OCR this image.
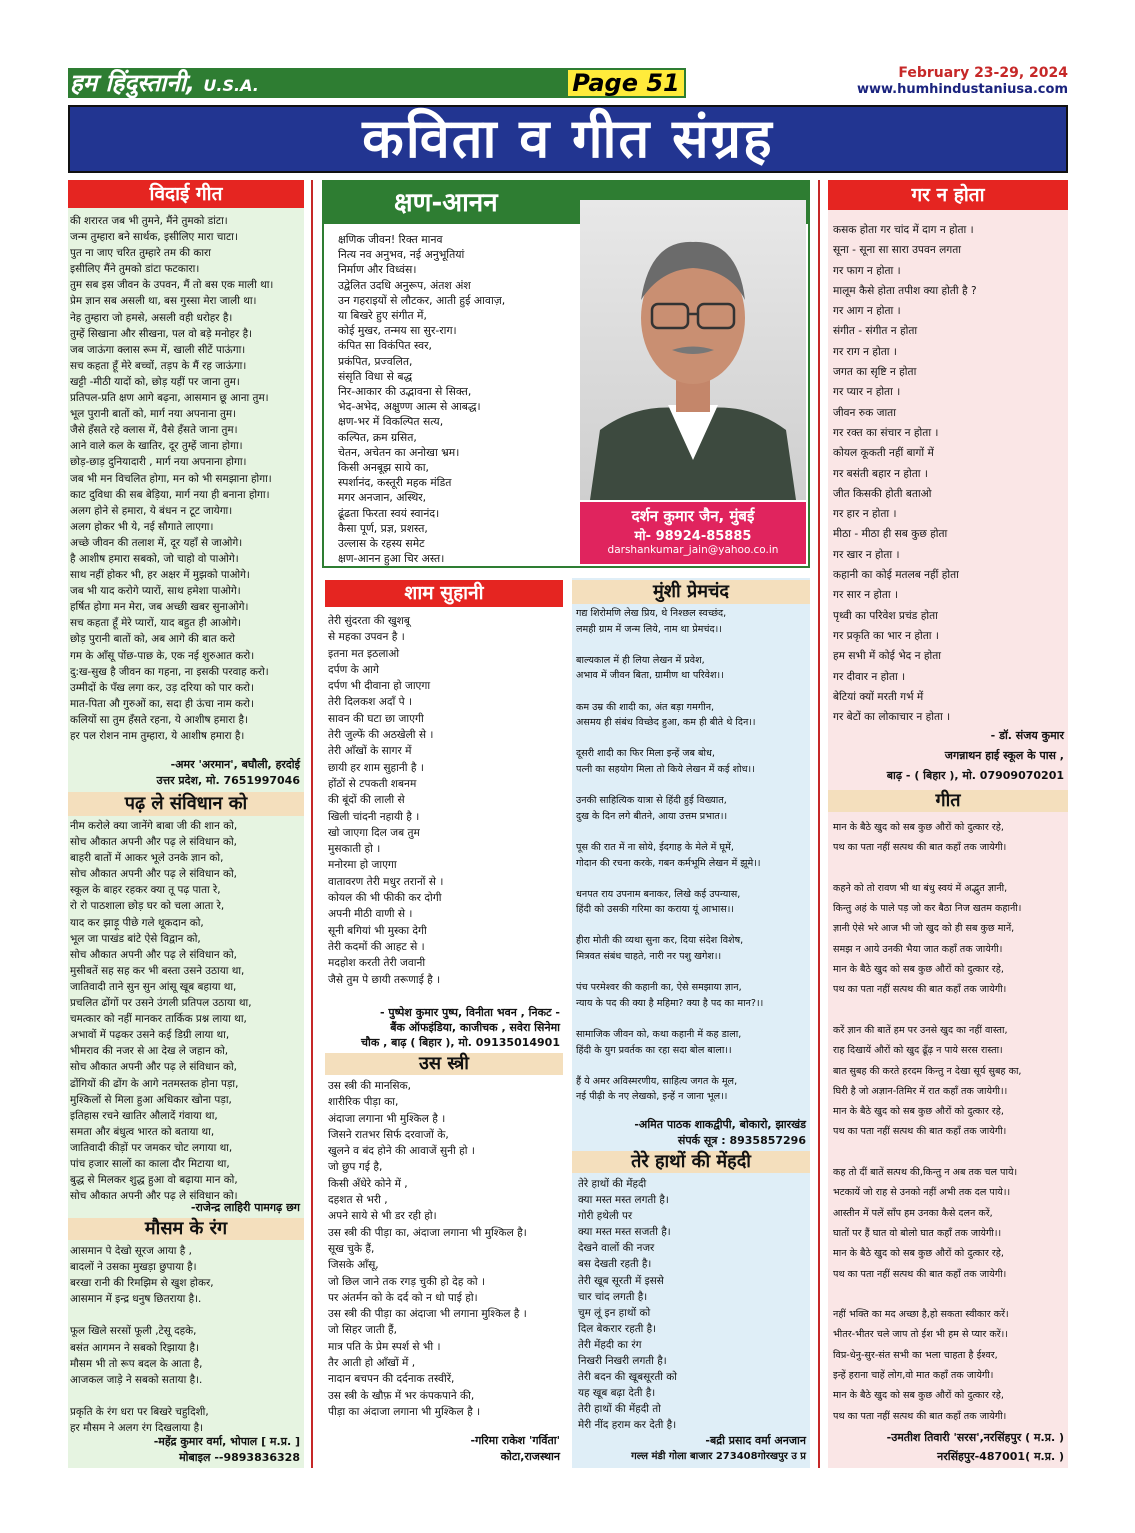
हम हिंदुस्तानी, U.S.A.	Page 51	February 23-29, 2024
www.humhindustaniusa.com
कविता व गीत संग्रह
विदाई गीत
की शरारत जब भी तुमने, मैंने तुमको डांटा।
जन्म तुम्हारा बने सार्थक, इसीलिए मारा चाटा।
पुत ना जाए चरित तुम्हारे तम की कारा
इसीलिए मैंने तुमको डांटा फटकारा।
तुम सब इस जीवन के उपवन, मैं तो बस एक माली था।
प्रेम ज्ञान सब असली था, बस गुस्सा मेरा जाली था।
नेह तुम्हारा जो हमसे, असली वही धरोहर है।
तुम्हें सिखाना और सीखना, पल वो बड़े मनोहर है।
जब जाऊंगा क्लास रूम में, खाली सीटें पाऊंगा।
सच कहता हूँ मेरे बच्चों, तड़प के मैं रह जाऊंगा।
खट्टी -मीठी यादों को, छोड़ यहीं पर जाना तुम।
प्रतिपल-प्रति क्षण आगे बढ़ना, आसमान छू आना तुम।
भूल पुरानी बातों को, मार्ग नया अपनाना तुम।
जैसे हँसते रहे क्लास में, वैसे हँसते जाना तुम।
आने वाले कल के खातिर, दूर तुम्हें जाना होगा।
छोड़-छाड़ दुनियादारी , मार्ग नया अपनाना होगा।
जब भी मन विचलित होगा, मन को भी समझाना होगा।
काट दुविधा की सब बेड़िया, मार्ग नया ही बनाना होगा।
अलग होने से हमारा, ये बंधन न टूट जायेगा।
अलग होकर भी ये, नई सौगाते लाएगा।
अच्छे जीवन की तलाश में, दूर यहाँ से जाओगे।
है आशीष हमारा सबको, जो चाहो वो पाओगे।
साथ नहीं होकर भी, हर अक्षर में मुझको पाओगे।
जब भी याद करोगे प्यारों, साथ हमेशा पाओगे।
हर्षित होगा मन मेरा, जब अच्छी खबर सुनाओगे।
सच कहता हूँ मेरे प्यारों, याद बहुत ही आओगे।
छोड़ पुरानी बातों को, अब आगे की बात करो
गम के आँसू पोंछ-पाछ के, एक नई शुरुआत करो।
दु:ख-सुख है जीवन का गहना, ना इसकी परवाह करो।
उम्मीदों के पँख लगा कर, उड़ दरिया को पार करो।
मात-पिता औ गुरुओं का, सदा ही ऊंचा नाम करो।
कलियों सा तुम हँसते रहना, ये आशीष हमारा है।
हर पल रोशन नाम तुम्हारा, ये आशीष हमारा है।
-अमर 'अरमान', बघौली, हरदोई
उत्तर प्रदेश, मो. 7651997046
पढ़ ले संविधान को
नीम करोले क्या जानेंगे बाबा जी की शान को,
सोच औकात अपनी और पढ़ ले संविधान को,
बाहरी बातों में आकर भूले उनके ज्ञान को,
सोच औकात अपनी और पढ़ ले संविधान को,
स्कूल के बाहर रहकर क्या तू पढ़ पाता रे,
रो रो पाठशाला छोड़ घर को चला आता रे,
याद कर झाड़ू पीछे गले थूकदान को,
भूल जा पाखंड बांटे ऐसे विद्वान को,
सोच औकात अपनी और पढ़ ले संविधान को,
मुसीबतें सह सह कर भी बस्ता उसने उठाया था,
जातिवादी ताने सुन सुन आंसू खूब बहाया था,
प्रचलित ढोंगों पर उसने उंगली प्रतिपल उठाया था,
चमत्कार को नहीं मानकर तार्किक प्रश्न लाया था,
अभावों में पढ़कर उसने कई डिग्री लाया था,
भीमराव की नजर से आ देख ले जहान को,
सोच औकात अपनी और पढ़ ले संविधान को,
ढोंगियों की ढोंग के आगे नतमस्तक होना पड़ा,
मुश्किलों से मिला हुआ अधिकार खोना पड़ा,
इतिहास रचने खातिर औलादें गंवाया था,
समता और बंधुत्व भारत को बताया था,
जातिवादी कीड़ों पर जमकर चोट लगाया था,
पांच हजार सालों का काला दौर मिटाया था,
बुद्ध से मिलकर शुद्ध हुआ वो बढ़ाया मान को,
सोच औकात अपनी और पढ़ ले संविधान को।
-राजेन्द्र लाहिरी पामगढ़ छग
मौसम के रंग
आसमान पे देखो सूरज आया है ,
बादलों ने उसका मुखड़ा छुपाया है।
बरखा रानी की रिमझिम से खुश होकर,
आसमान में इन्द्र धनुष छितराया है।.

फूल खिले सरसों फूली ,टेसू दहके,
बसंत आगमन ने सबको रिझाया है।
मौसम भी तो रूप बदल के आता है,
आजकल जाड़े ने सबको सताया है।.

प्रकृति के रंग धरा पर बिखरे चहुदिशी,
हर मौसम ने अलग रंग दिखलाया है।
-महेंद्र कुमार वर्मा, भोपाल [ म.प्र. ]
मोबाइल --9893836328
क्षण-आनन
क्षणिक जीवन! रिक्त मानव
नित्य नव अनुभव, नई अनुभूतियां
निर्माण और विध्वंस।
उद्वेलित उदधि अनुरूप, अंतश अंश
उन गहराइयों से लौटकर, आती हुई आवाज़,
या बिखरे हुए संगीत में,
कोई मुखर, तन्मय सा सुर-राग।
कंपित सा विकंपित स्वर,
प्रकंपित, प्रज्वलित,
संसृति विधा से बद्ध
निर-आकार की उद्भावना से सिक्त,
भेद-अभेद, अक्षुण्ण आत्म से आबद्ध।
क्षण-भर में विकल्पित सत्य,
कल्पित, क्रम ग्रसित,
चेतन, अचेतन का अनोखा भ्रम।
किसी अनबूझ साये का,
स्पर्शानंद, कस्तूरी महक मंडित
मगर अनजान, अस्थिर,
ढूंढता फिरता स्वयं स्वानंद।
कैसा पूर्ण, प्रज्ञ, प्रशस्त,
उल्लास के रहस्य समेट
क्षण-आनन हुआ चिर अस्त।
दर्शन कुमार जैन, मुंबई
मो- 98924-85885
darshankumar_jain@yahoo.co.in
शाम सुहानी
तेरी सुंदरता की खुशबू
से महका उपवन है ।
इतना मत इठलाओ
दर्पण के आगे
दर्पण भी दीवाना हो जाएगा
तेरी दिलकश अदाँ पे ।
सावन की घटा छा जाएगी
तेरी जुल्फें की अठखेली से ।
तेरी आँखों के सागर में
छायी हर शाम सुहानी है ।
होंठों से टपकती शबनम
की बूंदों की लाली से
खिली चांदनी नहायी है ।
खो जाएगा दिल जब तुम
मुसकाती हो ।
मनोरमा हो जाएगा
वातावरण तेरी मधुर तरानों से ।
कोयल की भी फीकी कर दोगी
अपनी मीठी वाणी से ।
सूनी बगियां भी मुस्का देगी
तेरी कदमों की आहट से ।
मदहोश करती तेरी जवानी
जैसे तुम पे छायी तरूणाई है ।
- पुष्पेश कुमार पुष्प, विनीता भवन , निकट -
बैंक ऑफइंडिया, काजीचक , सवेरा सिनेमा
चौक , बाढ़ ( बिहार ), मो. 09135014901
उस स्त्री
उस स्त्री की मानसिक,
शारीरिक पीड़ा का,
अंदाजा लगाना भी मुश्किल है ।
जिसने रातभर सिर्फ दरवाजों के,
खुलने व बंद होने की आवाजें सुनी हो ।
जो छुप गई है,
किसी अँधेरे कोने में ,
दहशत से भरी ,
अपने साये से भी डर रही हो।
उस स्त्री की पीड़ा का, अंदाजा लगाना भी मुश्किल है।
सूख चुके हैं,
जिसके आँसू,
जो छिल जाने तक रगड़ चुकी हो देह को ।
पर अंतर्मन को के दर्द को न धो पाई हो।
उस स्त्री की पीड़ा का अंदाजा भी लगाना मुश्किल है ।
जो सिहर जाती हैं,
मात्र पति के प्रेम स्पर्श से भी ।
तैर आती हो आँखों में ,
नादान बचपन की दर्दनाक तस्वीरें,
उस स्त्री के खौफ़ में भर कंपकपाने की,
पीड़ा का अंदाजा लगाना भी मुश्किल है ।
-गरिमा राकेश 'गर्विता'
कोटा,राजस्थान
मुंशी प्रेमचंद
गद्य शिरोमणि लेख प्रिय, थे निश्छल स्वच्छंद,
लमही ग्राम में जन्म लिये, नाम था प्रेमचंद।।

बाल्यकाल में ही लिया लेखन में प्रवेश,
अभाव में जीवन बिता, ग्रामीण था परिवेश।।

कम उम्र की शादी का, अंत बड़ा गमगीन,
असमय ही संबंध विच्छेद हुआ, कम ही बीते थे दिन।।

दूसरी शादी का फिर मिला इन्हें जब बोध,
पत्नी का सहयोग मिला तो किये लेखन में कई शोध।।

उनकी साहित्यिक यात्रा से हिंदी हुई विख्यात,
दुख के दिन लगे बीतने, आया उत्तम प्रभात।।

पूस की रात में ना सोये, ईदगाह के मेले में घूमें,
गोदान की रचना करके, गबन कर्मभूमि लेखन में झूमे।।

धनपत राय उपनाम बनाकर, लिखे कई उपन्यास,
हिंदी को उसकी गरिमा का कराया यूं आभास।।

हीरा मोती की व्यथा सुना कर, दिया संदेश विशेष,
मित्रवत संबंध चाहते, नारी नर पशु खगेश।।

पंच परमेश्वर की कहानी का, ऐसे समझाया ज्ञान,
न्याय के पद की क्या है महिमा? क्या है पद का मान?।।

सामाजिक जीवन को, कथा कहानी में कह डाला,
हिंदी के युग प्रवर्तक का रहा सदा बोल बाला।।

हैं ये अमर अविस्मरणीय, साहित्य जगत के मूल,
नई पीढ़ी के नए लेखको, इन्हें न जाना भूल।।
-अमित पाठक शाकद्वीपी, बोकारो, झारखंड
संपर्क सूत्र : 8935857296
तेरे हाथों की मेंहदी
तेरे हाथों की मेंहदी
क्या मस्त मस्त लगती है।
गोरी हथेली पर
क्या मस्त मस्त सजती है।
देखने वालों की नजर
बस देखती रहती है।
तेरी खूब सूरती में इससे
चार चांद लगती है।
चुम लूं इन हाथों को
दिल बेकरार रहती है।
तेरी मेंहदी का रंग
निखरी निखरी लगती है।
तेरी बदन की खूबसूरती को
यह खूब बढ़ा देती है।
तेरी हाथों की मेंहदी तो
मेरी नींद हराम कर देती है।
-बद्री प्रसाद वर्मा अनजान
गल्ल मंडी गोला बाजार 273408गोरखपुर उ प्र
गर न होता
कसक होता गर चांद में दाग न होता ।
सूना - सूना सा सारा उपवन लगता
गर फाग न होता ।
मालूम कैसे होता तपीश क्या होती है ?
गर आग न होता ।
संगीत - संगीत न होता
गर राग न होता ।
जगत का सृष्टि न होता
गर प्यार न होता ।
जीवन रुक जाता
गर रक्त का संचार न होता ।
कोयल कूकती नहीं बागों में
गर बसंती बहार न होता ।
जीत किसकी होती बताओ
गर हार न होता ।
मीठा - मीठा ही सब कुछ होता
गर खार न होता ।
कहानी का कोई मतलब नहीं होता
गर सार न होता ।
पृथ्वी का परिवेश प्रचंड होता
गर प्रकृति का भार न होता ।
हम सभी में कोई भेद न होता
गर दीवार न होता ।
बेटियां क्यों मरती गर्भ में
गर बेटों का लोकाचार न होता ।
- डॉ. संजय कुमार
जगन्नाथन हाई स्कूल के पास ,
बाढ़ - ( बिहार ), मो. 07909070201
गीत
मान के बैठे खुद को सब कुछ औरों को दुत्कार रहे,
पथ का पता नहीं सत्पथ की बात कहाँ तक जायेगी।

कहने को तो रावण भी था बंधु स्वयं में अद्भुत ज्ञानी,
किन्तु अहं के पाले पड़ जो कर बैठा निज खतम कहानी।
ज्ञानी ऐसे भरे आज भी जो खुद को ही सब कुछ मानें,
समझ न आये उनकी भैया जात कहाँ तक जायेगी।
मान के बैठे खुद को सब कुछ औरों को दुत्कार रहे,
पथ का पता नहीं सत्पथ की बात कहाँ तक जायेगी।

करें ज्ञान की बातें हम पर उनसे खुद का नहीं वास्ता,
राह दिखायें औरों को खुद ढूँढ़ न पाये सरस रास्ता।
बात सुबह की करते हरदम किन्तु न देखा सूर्य सुबह का,
घिरी है जो अज्ञान-तिमिर में रात कहाँ तक जायेगी।।
मान के बैठे खुद को सब कुछ औरों को दुत्कार रहे,
पथ का पता नहीं सत्पथ की बात कहाँ तक जायेगी।

कह तो दीं बातें सत्पथ की,किन्तु न अब तक चल पाये।
भटकायें जो राह से उनको नहीं अभी तक दल पाये।।
आस्तीन में पलें साँप हम उनका कैसे दलन करें,
घातों पर हैं घात वो बोलो घात कहाँ तक जायेगी।।
मान के बैठे खुद को सब कुछ औरों को दुत्कार रहे,
पथ का पता नहीं सत्पथ की बात कहाँ तक जायेगी।

नहीं भक्ति का मद अच्छा है,हो सकता स्वीकार करें।
भीतर-भीतर चले जाप तो ईश भी हम से प्यार करें।।
विप्र-धेनु-सुर-संत सभी का भला चाहता है ईश्वर,
इन्हें हराना चाहें लोग,वो मात कहाँ तक जायेगी।
मान के बैठे खुद को सब कुछ औरों को दुत्कार रहे,
पथ का पता नहीं सत्पथ की बात कहाँ तक जायेगी।
-उमतीश तिवारी 'सरस',नरसिंहपुर ( म.प्र. )
नरसिंहपुर-487001( म.प्र. )
